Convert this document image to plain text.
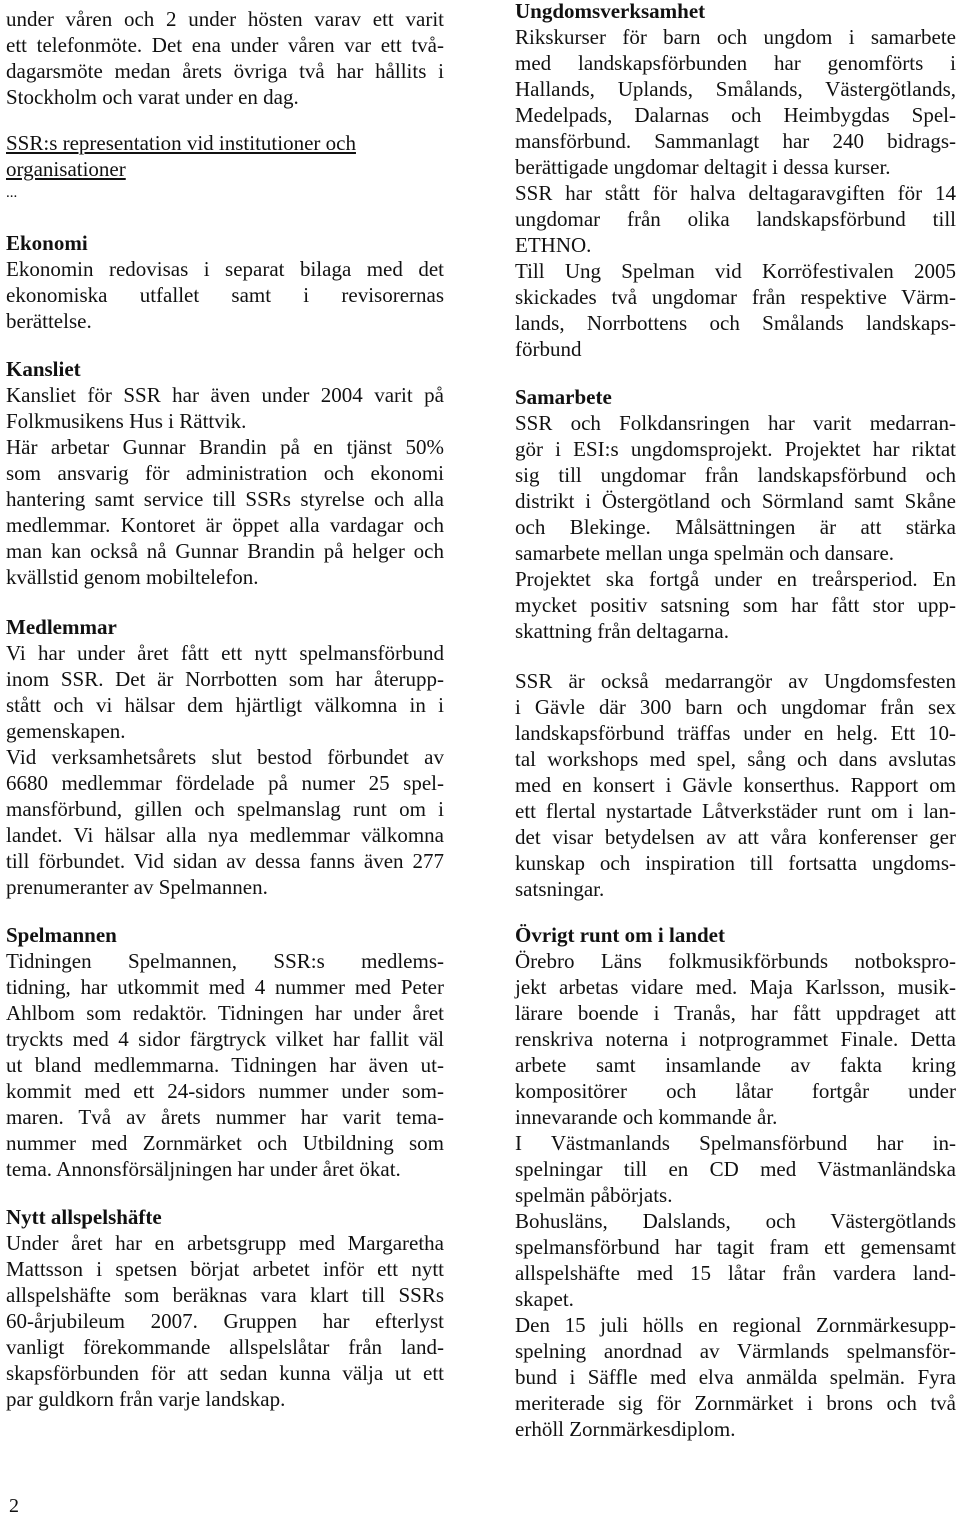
under våren och 2 under hösten varav ett varit
ett telefonmöte. Det ena under våren var ett två-
dagarsmöte medan årets övriga två har hållits i
Stockholm och varat under en dag.
SSR:s representation vid institutioner och
organisationer
Ekonomi
Ekonomin redovisas i separat bilaga med det
ekonomiska utfallet samt i revisorernas
berättelse.
Kansliet
Kansliet för SSR har även under 2004 varit på
Folkmusikens Hus i Rättvik.
Här arbetar Gunnar Brandin på en tjänst 50%
som ansvarig för administration och ekonomi
hantering samt service till SSRs styrelse och alla
medlemmar. Kontoret är öppet alla vardagar och
man kan också nå Gunnar Brandin på helger och
kvällstid genom mobiltelefon.
Medlemmar
Vi har under året fått ett nytt spelmansförbund
inom SSR. Det är Norrbotten som har återupp-
stått och vi hälsar dem hjärtligt välkomna in i
gemenskapen.
Vid verksamhetsårets slut bestod förbundet av
6680 medlemmar fördelade på numer 25 spel-
mansförbund, gillen och spelmanslag runt om i
landet. Vi hälsar alla nya medlemmar välkomna
till förbundet. Vid sidan av dessa fanns även 277
prenumeranter av Spelmannen.
Spelmannen
Tidningen Spelmannen, SSR:s medlems-
tidning, har utkommit med 4 nummer med Peter
Ahlbom som redaktör. Tidningen har under året
tryckts med 4 sidor färgtryck vilket har fallit väl
ut bland medlemmarna. Tidningen har även ut-
kommit med ett 24-sidors nummer under som-
maren. Två av årets nummer har varit tema-
nummer med Zornmärket och Utbildning som
tema. Annonsförsäljningen har under året ökat.
Nytt allspelshäfte
Under året har en arbetsgrupp med Margaretha
Mattsson i spetsen börjat arbetet inför ett nytt
allspelshäfte som beräknas vara klart till SSRs
60-årjubileum 2007. Gruppen har efterlyst
vanligt förekommande allspelslåtar från land-
skapsförbunden för att sedan kunna välja ut ett
par guldkorn från varje landskap.
...
Ungdomsverksamhet
Rikskurser för barn och ungdom i samarbete
med landskapsförbunden har genomförts i
Hallands, Uplands, Smålands, Västergötlands,
Medelpads, Dalarnas och Heimbygdas Spel-
mansförbund. Sammanlagt har 240 bidrags-
berättigade ungdomar deltagit i dessa kurser.
SSR har stått för halva deltagaravgiften för 14
ungdomar från olika landskapsförbund till
ETHNO.
Till Ung Spelman vid Korröfestivalen 2005
skickades två ungdomar från respektive Värm-
lands, Norrbottens och Smålands landskaps-
förbund
Samarbete
SSR och Folkdansringen har varit medarran-
gör i ESI:s ungdomsprojekt. Projektet har riktat
sig till ungdomar från landskapsförbund och
distrikt i Östergötland och Sörmland samt Skåne
och Blekinge. Målsättningen är att stärka
samarbete mellan unga spelmän och dansare.
Projektet ska fortgå under en treårsperiod. En
mycket positiv satsning som har fått stor upp-
skattning från deltagarna.
SSR är också medarrangör av Ungdomsfesten
i Gävle där 300 barn och ungdomar från sex
landskapsförbund träffas under en helg. Ett 10-
tal workshops med spel, sång och dans avslutas
med en konsert i Gävle konserthus. Rapport om
ett flertal nystartade Låtverkstäder runt om i lan-
det visar betydelsen av att våra konferenser ger
kunskap och inspiration till fortsatta ungdoms-
satsningar.
Övrigt runt om i landet
Örebro Läns folkmusikförbunds notbokspro-
jekt arbetas vidare med. Maja Karlsson, musik-
lärare boende i Tranås, har fått uppdraget att
renskriva noterna i notprogrammet Finale. Detta
arbete samt insamlande av fakta kring
kompositörer och låtar fortgår under
innevarande och kommande år.
I Västmanlands Spelmansförbund har in-
spelningar till en CD med Västmanländska
spelmän påbörjats.
Bohusläns, Dalslands, och Västergötlands
spelmansförbund har tagit fram ett gemensamt
allspelshäfte med 15 låtar från vardera land-
skapet.
Den 15 juli hölls en regional Zornmärkesupp-
spelning anordnad av Värmlands spelmansför-
bund i Säffle med elva anmälda spelmän. Fyra
meriterade sig för Zornmärket i brons och två
erhöll Zornmärkesdiplom.
2
